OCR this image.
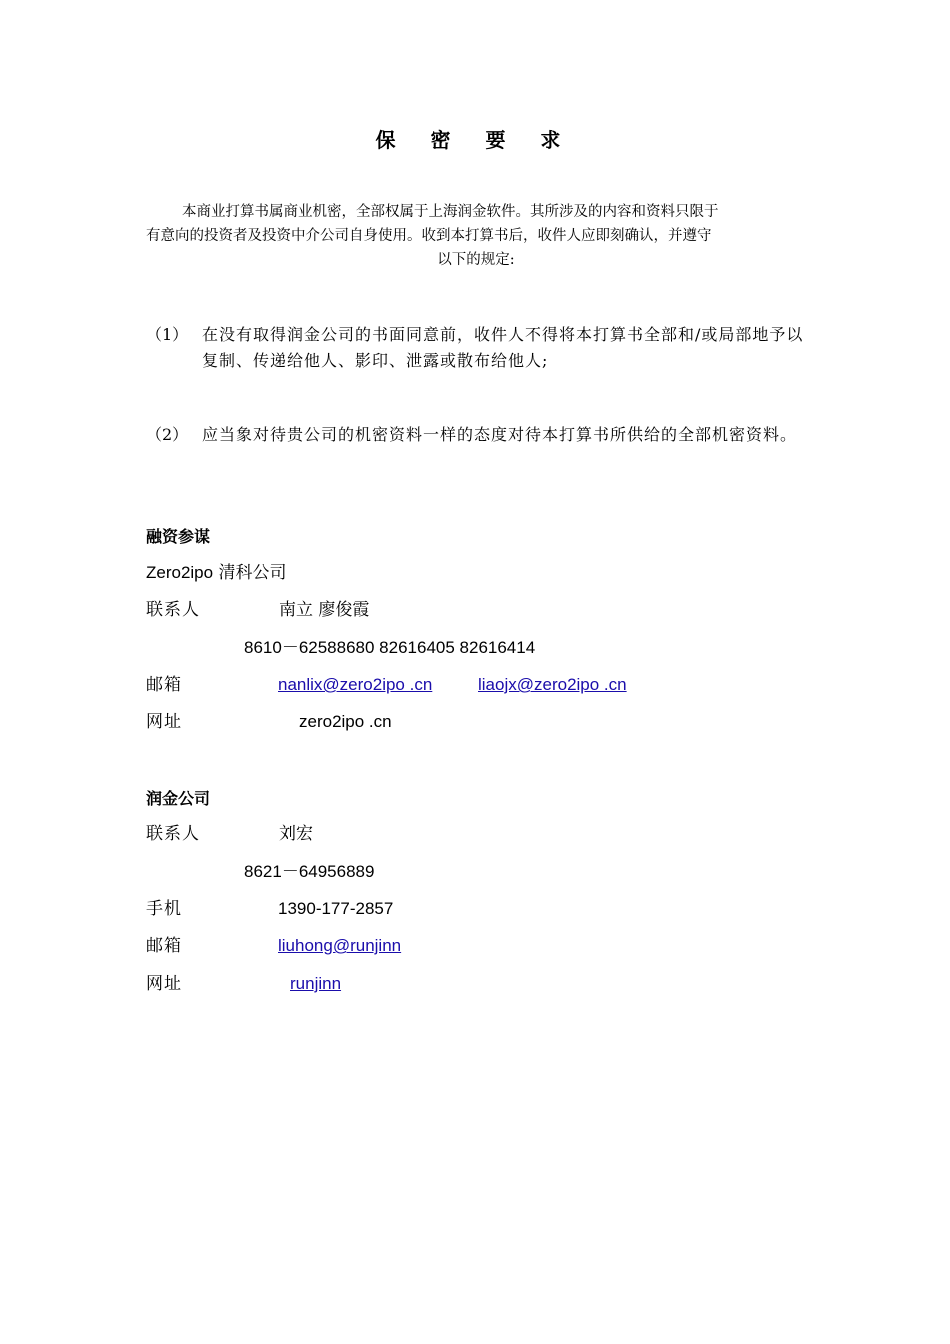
保 密 要 求
本商业打算书属商业机密，全部权属于上海润金软件。其所涉及的内容和资料只限于
有意向的投资者及投资中介公司自身使用。收到本打算书后，收件人应即刻确认，并遵守
以下的规定:
（1） 在没有取得润金公司的书面同意前，收件人不得将本打算书全部和/或局部地予以复制、传递给他人、影印、泄露或散布给他人;
（2） 应当象对待贵公司的机密资料一样的态度对待本打算书所供给的全部机密资料。
融资参谋
Zero2ipo 清科公司
联系人	南立 廖俊霞
8610－62588680 82616405 82616414
邮箱	nanlix@zero2ipo .cn	liaojx@zero2ipo .cn
网址	zero2ipo .cn
润金公司
联系人	刘宏
8621－64956889
手机	1390-177-2857
邮箱	liuhong@runjinn
网址	runjinn
